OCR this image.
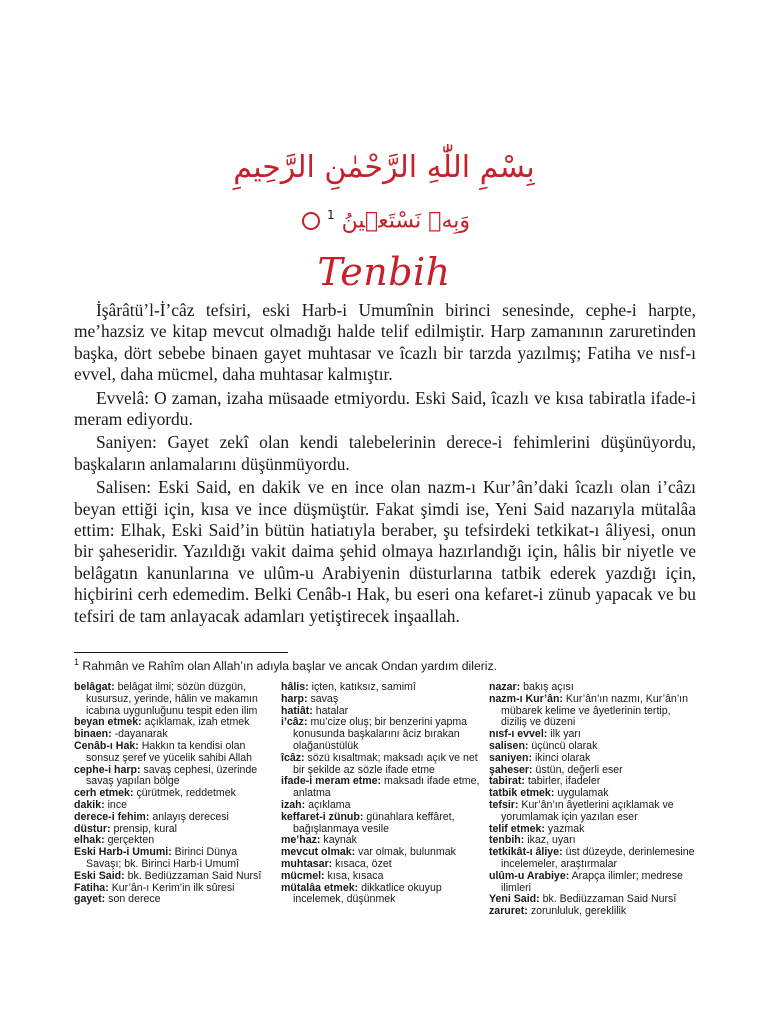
بِسْمِ اللّٰهِ الرَّحْمٰنِ الرَّحِيمِ
$^1$ وَبِهٖ نَسْتَعٖينُ
Tenbih

İşârâtü’l-İ’câz tefsiri, eski Harb-i Umumînin birinci senesinde, cephe-i harpte, me’hazsiz ve kitap mevcut olmadığı halde telif edilmiştir. Harp zamanının zaruretinden başka, dört sebebe binaen gayet muhtasar ve îcazlı bir tarzda yazılmış; Fatiha ve nısf-ı evvel, daha mücmel, daha muhtasar kalmıştır.

Evvelâ: O zaman, izaha müsaade etmiyordu. Eski Said, îcazlı ve kısa tabiratla ifade-i meram ediyordu.

Saniyen: Gayet zekî olan kendi talebelerinin derece-i fehimlerini düşünüyordu, başkaların anlamalarını düşünmüyordu.

Salisen: Eski Said, en dakik ve en ince olan nazm-ı Kur’ân’daki îcazlı olan i’câzı beyan ettiği için, kısa ve ince düşmüştür. Fakat şimdi ise, Yeni Said nazarıyla mütalâa ettim: Elhak, Eski Said’in bütün hatiatıyla beraber, şu tefsirdeki tetkikat-ı âliyesi, onun bir şaheseridir. Yazıldığı vakit daima şehid olmaya hazırlandığı için, hâlis bir niyetle ve belâgatın kanunlarına ve ulûm-u Arabiyenin düsturlarına tatbik ederek yazdığı için, hiçbirini cerh edemedim. Belki Cenâb-ı Hak, bu eseri ona kefaret-i zünub yapacak ve bu tefsiri de tam anlayacak adamları yetiştirecek inşaallah.

$^1$ Rahmân ve Rahîm olan Allah’ın adıyla başlar ve ancak Ondan yardım dileriz.

belâgat: belâgat ilmi; sözün düzgün, kusursuz, yerinde, hâlin ve makamın icabına uygunluğunu tespit eden ilim

beyan etmek: açıklamak, izah etmek

binaen: -dayanarak

Cenâb-ı Hak: Hakkın ta kendisi olan sonsuz şeref ve yücelik sahibi Allah

cephe-i harp: savaş cephesi, üzerinde savaş yapılan bölge

cerh etmek: çürütmek, reddetmek

dakik: ince

derece-i fehim: anlayış derecesi

düstur: prensip, kural

elhak: gerçekten

Eski Harb-i Umumi: Birinci Dünya Savaşı; bk. Birinci Harb-i Umumî

Eski Said: bk. Bediüzzaman Said Nursî

Fatiha: Kur’ân-ı Kerim’in ilk sûresi

gayet: son derece

hâlis: içten, katıksız, samimî

harp: savaş

hatiât: hatalar

i’câz: mu’cize oluş; bir benzerini yapma konusunda başkalarını âciz bırakan olağanüstülük

îcâz: sözü kısaltmak; maksadı açık ve net bir şekilde az sözle ifade etme

ifade-i meram etme: maksadı ifade etme, anlatma

izah: açıklama

keffaret-i zünub: günahlara keffâret, bağışlanmaya vesile

me’haz: kaynak

mevcut olmak: var olmak, bulunmak

muhtasar: kısaca, özet

mücmel: kısa, kısaca

mütalâa etmek: dikkatlice okuyup incelemek, düşünmek

nazar: bakış açısı

nazm-ı Kur’ân: Kur’ân’ın nazmı, Kur’ân’ın mübarek kelime ve âyetlerinin tertip, diziliş ve düzeni

nısf-ı evvel: ilk yarı

salisen: üçüncü olarak

saniyen: ikinci olarak

şaheser: üstün, değerli eser

tabirat: tabirler, ifadeler

tatbik etmek: uygulamak

tefsir: Kur’ân’ın âyetlerini açıklamak ve yorumlamak için yazılan eser

telif etmek: yazmak

tenbih: ikaz, uyarı

tetkikât-ı âliye: üst düzeyde, derinlemesine incelemeler, araştırmalar

ulûm-u Arabiye: Arapça ilimler; medrese ilimleri

Yeni Said: bk. Bediüzzaman Said Nursî

zaruret: zorunluluk, gereklilik
